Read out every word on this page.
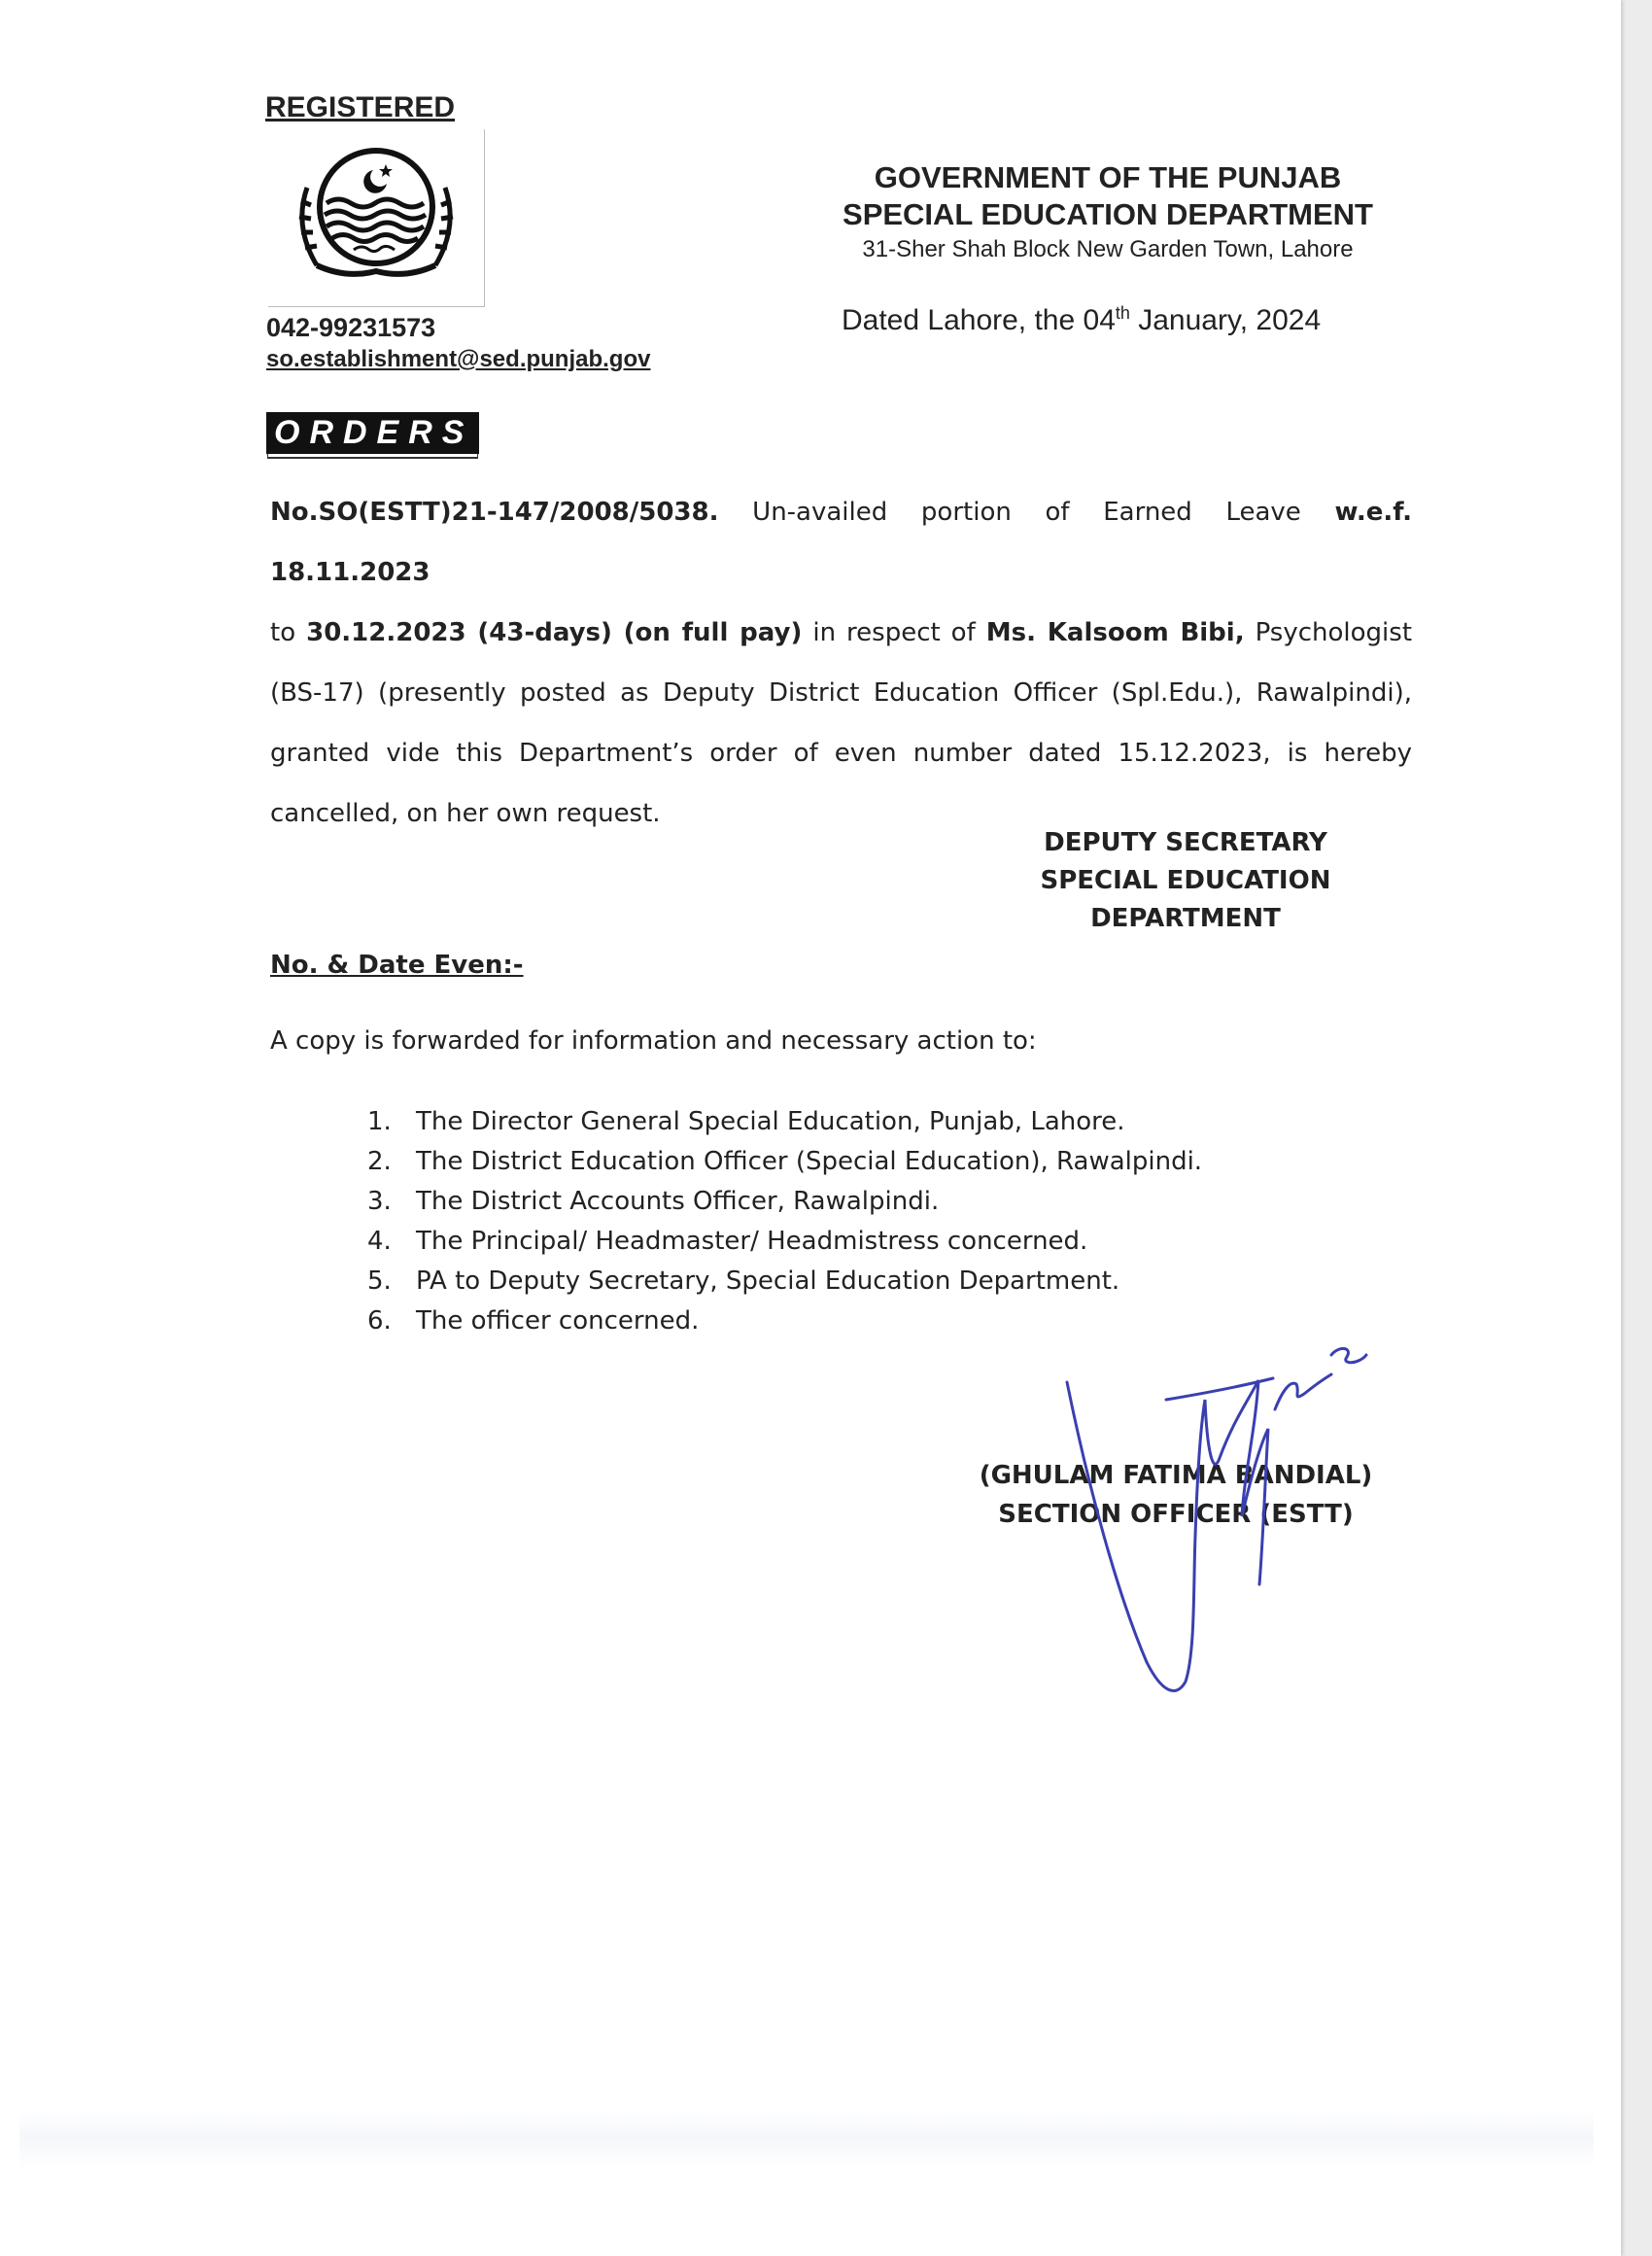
REGISTERED
042-99231573
so.establishment@sed.punjab.gov
GOVERNMENT OF THE PUNJAB
SPECIAL EDUCATION DEPARTMENT
31-Sher Shah Block New Garden Town, Lahore
Dated Lahore, the 04th January, 2024
ORDERS
No.SO(ESTT)21-147/2008/5038. Un-availed portion of Earned Leave w.e.f. 18.11.2023
to 30.12.2023 (43-days) (on full pay) in respect of Ms. Kalsoom Bibi, Psychologist (BS-17) (presently posted as Deputy District Education Officer (Spl.Edu.), Rawalpindi), granted vide this Department’s order of even number dated 15.12.2023, is hereby cancelled, on her own request.
DEPUTY SECRETARY
SPECIAL EDUCATION
DEPARTMENT
No. & Date Even:-
A copy is forwarded for information and necessary action to:
1. The Director General Special Education, Punjab, Lahore.
2. The District Education Officer (Special Education), Rawalpindi.
3. The District Accounts Officer, Rawalpindi.
4. The Principal/ Headmaster/ Headmistress concerned.
5. PA to Deputy Secretary, Special Education Department.
6. The officer concerned.
(GHULAM FATIMA BANDIAL)
SECTION OFFICER (ESTT)
